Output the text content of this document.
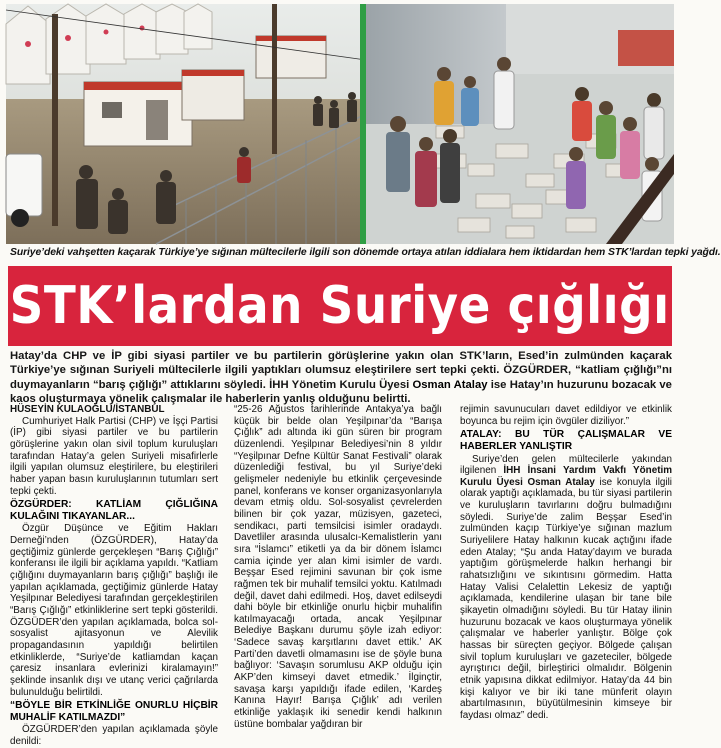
Suriye’deki vahşetten kaçarak Türkiye’ye sığınan mültecilerle ilgili son dönemde ortaya atılan iddialara hem iktidardan hem STK’lardan tepki yağdı.
STK’lardan Suriye çığlığı
Hatay’da CHP ve İP gibi siyasi partiler ve bu partilerin görüşlerine yakın olan STK’ların, Esed’in zulmünden kaçarak Türkiye’ye sığınan Suriyeli mültecilerle ilgili yaptıkları olumsuz eleştirilere sert tepki çekti. ÖZGÜRDER, “katliam çığlığı”nı duymayanların “barış çığlığı” attıklarını söyledi. İHH Yönetim Kurulu Üyesi Osman Atalay ise Hatay’ın huzurunu bozacak ve kaos oluşturmaya yönelik çalışmalar ile haberlerin yanlış olduğunu belirtti.

HÜSEYİN KULAOĞLU/İSTANBUL

Cumhuriyet Halk Partisi (CHP) ve İşçi Partisi (İP) gibi siyasi partiler ve bu partilerin görüşlerine yakın olan sivil toplum kuruluşları tarafından Hatay’a gelen Suriyeli misafirlerle ilgili yapılan olumsuz eleştirilere, bu eleştirileri haber yapan basın kuruluşlarının tutumları sert tepki çekti.

ÖZGÜRDER: KATLİAM ÇIĞLIĞINA KULAĞINI TIKAYANLAR...

Özgür Düşünce ve Eğitim Hakları Derneği’nden (ÖZGÜRDER), Hatay’da geçtiğimiz günlerde gerçekleşen “Barış Çığlığı” konferansı ile ilgili bir açıklama yapıldı. “Katliam çığlığını duymayanların barış çığlığı” başlığı ile yapılan açıklamada, geçtiğimiz günlerde Hatay Yeşilpınar Belediyesi tarafından gerçekleştirilen “Barış Çığlığı” etkinliklerine sert tepki gösterildi. ÖZGÜDER’den yapılan açıklamada, bolca sol-sosyalist ajitasyonun ve Alevilik propagandasının yapıldığı belirtilen etkinliklerde, “Suriye’de katliamdan kaçan çaresiz insanlara evlerinizi kiralamayın!” şeklinde insanlık dışı ve utanç verici çağrılarda bulunulduğu belirtildi.

“BÖYLE BİR ETKİNLİĞE ONURLU HİÇBİR MUHALİF KATILMAZDI”

ÖZGÜRDER’den yapılan açıklamada şöyle denildi:

“25-26 Ağustos tarihlerinde Antakya’ya bağlı küçük bir belde olan Yeşilpınar’da “Barışa Çığlık” adı altında iki gün süren bir program düzenlendi. Yeşilpınar Belediyesi’nin 8 yıldır “Yeşilpınar Defne Kültür Sanat Festivali” olarak düzenlediği festival, bu yıl Suriye’deki gelişmeler nedeniyle bu etkinlik çerçevesinde panel, konferans ve konser organizasyonlarıyla devam etmiş oldu. Sol-sosyalist çevrelerden bilinen bir çok yazar, müzisyen, gazeteci, sendikacı, parti temsilcisi isimler oradaydı. Davetliler arasında ulusalcı-Kemalistlerin yanı sıra “İslamcı” etiketli ya da bir dönem İslamcı camia içinde yer alan kimi isimler de vardı. Beşşar Esed rejimini savunan bir çok isme rağmen tek bir muhalif temsilci yoktu. Katılmadı değil, davet dahi edilmedi. Hoş, davet edilseydi dahi böyle bir etkinliğe onurlu hiçbir muhalifin katılmayacağı ortada, ancak Yeşilpınar Belediye Başkanı durumu şöyle izah ediyor: ‘Sadece savaş karşıtlarını davet ettik.’ AK Parti’den davetli olmamasını ise de şöyle buna bağlıyor: ‘Savaşın sorumlusu AKP olduğu için AKP’den kimseyi davet etmedik.’ İlginçtir, savaşa karşı yapıldığı ifade edilen, ‘Kardeş Kanına Hayır! Barışa Çığlık’ adı verilen etkinliğe yaklaşık iki senedir kendi halkının üstüne bombalar yağdıran bir

rejimin savunucuları davet edildiyor ve etkinlik boyunca bu rejim için övgüler diziliyor.”

ATALAY: BU TÜR ÇALIŞMALAR VE HABERLER YANLIŞTIR

Suriye’den gelen mültecilerle yakından ilgilenen İHH İnsani Yardım Vakfı Yönetim Kurulu Üyesi Osman Atalay ise konuyla ilgili olarak yaptığı açıklamada, bu tür siyasi partilerin ve kuruluşların tavırlarını doğru bulmadığını söyledi. Suriye’de zalim Beşşar Esed’in zulmünden kaçıp Türkiye’ye sığınan mazlum Suriyelilere Hatay halkının kucak açtığını ifade eden Atalay; “Şu anda Hatay’dayım ve burada yaptığım görüşmelerde halkın herhangi bir rahatsızlığını ve sıkıntısını görmedim. Hatta Hatay Valisi Celalettin Lekesiz de yaptığı açıklamada, kendilerine ulaşan bir tane bile şikayetin olmadığını söyledi. Bu tür Hatay ilinin huzurunu bozacak ve kaos oluşturmaya yönelik çalışmalar ve haberler yanlıştır. Bölge çok hassas bir süreçten geçiyor. Bölgede çalışan sivil toplum kuruluşları ve gazeteciler, bölgede ayrıştırıcı değil, birleştirici olmalıdır. Bölgenin etnik yapısına dikkat edilmiyor. Hatay’da 44 bin kişi kalıyor ve bir iki tane münferit olayın abartılmasının, büyütülmesinin kimseye bir faydası olmaz” dedi.
